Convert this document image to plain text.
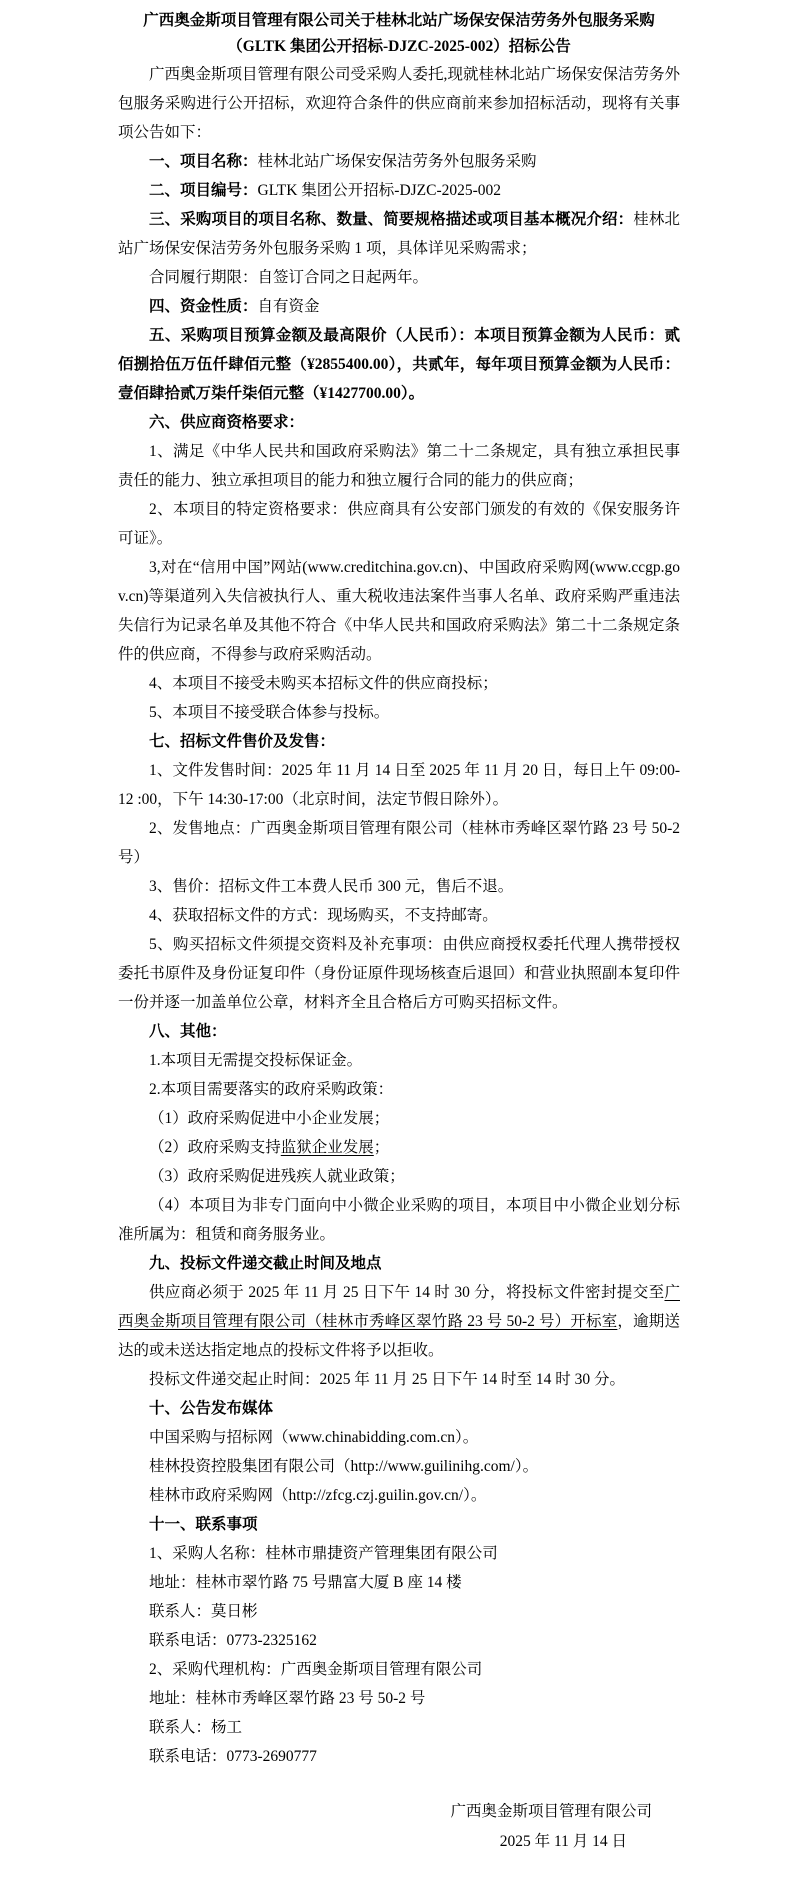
广西奥金斯项目管理有限公司关于桂林北站广场保安保洁劳务外包服务采购
（GLTK 集团公开招标-DJZC-2025-002）招标公告

广西奥金斯项目管理有限公司受采购人委托,现就桂林北站广场保安保洁劳务外包服务采购进行公开招标，欢迎符合条件的供应商前来参加招标活动，现将有关事项公告如下：

一、项目名称：桂林北站广场保安保洁劳务外包服务采购

二、项目编号：GLTK 集团公开招标-DJZC-2025-002

三、采购项目的项目名称、数量、简要规格描述或项目基本概况介绍：桂林北站广场保安保洁劳务外包服务采购 1 项，具体详见采购需求；

合同履行期限：自签订合同之日起两年。

四、资金性质：自有资金

五、采购项目预算金额及最高限价（人民币）：本项目预算金额为人民币：贰佰捌拾伍万伍仟肆佰元整（¥2855400.00），共贰年，每年项目预算金额为人民币：壹佰肆拾贰万柒仟柒佰元整（¥1427700.00）。

六、供应商资格要求：

1、满足《中华人民共和国政府采购法》第二十二条规定，具有独立承担民事责任的能力、独立承担项目的能力和独立履行合同的能力的供应商；

2、本项目的特定资格要求：供应商具有公安部门颁发的有效的《保安服务许可证》。

3,对在“信用中国”网站(www.creditchina.gov.cn)、中国政府采购网(www.ccgp.gov.cn)等渠道列入失信被执行人、重大税收违法案件当事人名单、政府采购严重违法失信行为记录名单及其他不符合《中华人民共和国政府采购法》第二十二条规定条件的供应商，不得参与政府采购活动。

4、本项目不接受未购买本招标文件的供应商投标；

5、本项目不接受联合体参与投标。

七、招标文件售价及发售：

1、文件发售时间：2025 年 11 月 14 日至 2025 年 11 月 20 日，每日上午 09:00-12 :00，下午 14:30-17:00（北京时间，法定节假日除外）。

2、发售地点：广西奥金斯项目管理有限公司（桂林市秀峰区翠竹路 23 号 50-2 号）

3、售价：招标文件工本费人民币 300 元，售后不退。

4、获取招标文件的方式：现场购买，不支持邮寄。

5、购买招标文件须提交资料及补充事项：由供应商授权委托代理人携带授权委托书原件及身份证复印件（身份证原件现场核查后退回）和营业执照副本复印件一份并逐一加盖单位公章，材料齐全且合格后方可购买招标文件。

八、其他：

1.本项目无需提交投标保证金。

2.本项目需要落实的政府采购政策：

（1）政府采购促进中小企业发展；

（2）政府采购支持监狱企业发展；

（3）政府采购促进残疾人就业政策；

（4）本项目为非专门面向中小微企业采购的项目，本项目中小微企业划分标准所属为：租赁和商务服务业。

九、投标文件递交截止时间及地点

供应商必须于 2025 年 11 月 25 日下午 14 时 30 分，将投标文件密封提交至广西奥金斯项目管理有限公司（桂林市秀峰区翠竹路 23 号 50-2 号）开标室，逾期送达的或未送达指定地点的投标文件将予以拒收。

投标文件递交起止时间：2025 年 11 月 25 日下午 14 时至 14 时 30 分。

十、公告发布媒体

中国采购与招标网（www.chinabidding.com.cn）。

桂林投资控股集团有限公司（http://www.guilinihg.com/）。

桂林市政府采购网（http://zfcg.czj.guilin.gov.cn/）。

十一、联系事项

1、采购人名称：桂林市鼎捷资产管理集团有限公司

地址：桂林市翠竹路 75 号鼎富大厦 B 座 14 楼

联系人：莫日彬

联系电话：0773-2325162

2、采购代理机构：广西奥金斯项目管理有限公司

地址：桂林市秀峰区翠竹路 23 号 50-2 号

联系人：杨工

联系电话：0773-2690777

广西奥金斯项目管理有限公司

2025 年 11 月 14 日
